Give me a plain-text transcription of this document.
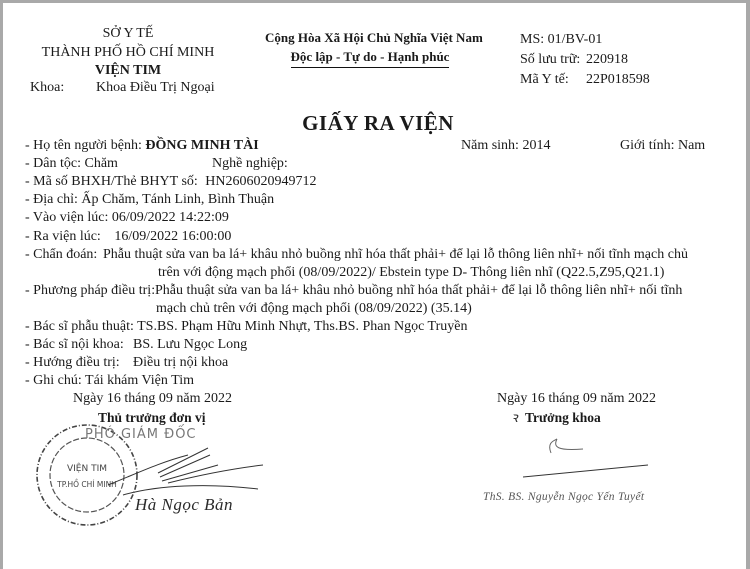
SỞ Y TẾ
THÀNH PHỐ HỒ CHÍ MINH
VIỆN TIM
Khoa: Khoa Điều Trị Ngoại
Cộng Hòa Xã Hội Chủ Nghĩa Việt Nam
Độc lập - Tự do - Hạnh phúc
MS: 01/BV-01
Số lưu trữ: 220918
Mã Y tế: 22P018598
GIẤY RA VIỆN
- Họ tên người bệnh: ĐỒNG MINH TÀI	Năm sinh: 2014	Giới tính: Nam
- Dân tộc: Chăm	Nghề nghiệp:
- Mã số BHXH/Thẻ BHYT số: HN2606020949712
- Địa chỉ: Ấp Chăm, Tánh Linh, Bình Thuận
- Vào viện lúc: 06/09/2022 14:22:09
- Ra viện lúc: 16/09/2022 16:00:00
- Chẩn đoán: Phẫu thuật sửa van ba lá+ khâu nhỏ buồng nhĩ hóa thất phải+ để lại lỗ thông liên nhĩ+ nối tĩnh mạch chủ
trên với động mạch phổi (08/09/2022)/ Ebstein type D- Thông liên nhĩ (Q22.5,Z95,Q21.1)
- Phương pháp điều trị: Phẫu thuật sửa van ba lá+ khâu nhỏ buồng nhĩ hóa thất phải+ để lại lỗ thông liên nhĩ+ nối tĩnh
mạch chủ trên với động mạch phổi (08/09/2022) (35.14)
- Bác sĩ phẫu thuật: TS.BS. Phạm Hữu Minh Nhựt, Ths.BS. Phan Ngọc Truyền
- Bác sĩ nội khoa: BS. Lưu Ngọc Long
- Hướng điều trị: Điều trị nội khoa
- Ghi chú: Tái khám Viện Tim
Ngày 16 tháng 09 năm 2022
Thủ trưởng đơn vị
VIỆN TIM
TP.HỒ CHÍ MINH
PHÓ GIÁM ĐỐC
Hà Ngọc Bản
Ngày 16 tháng 09 năm 2022
ꝛ Trưởng khoa
ThS. BS. Nguyễn Ngọc Yến Tuyết
